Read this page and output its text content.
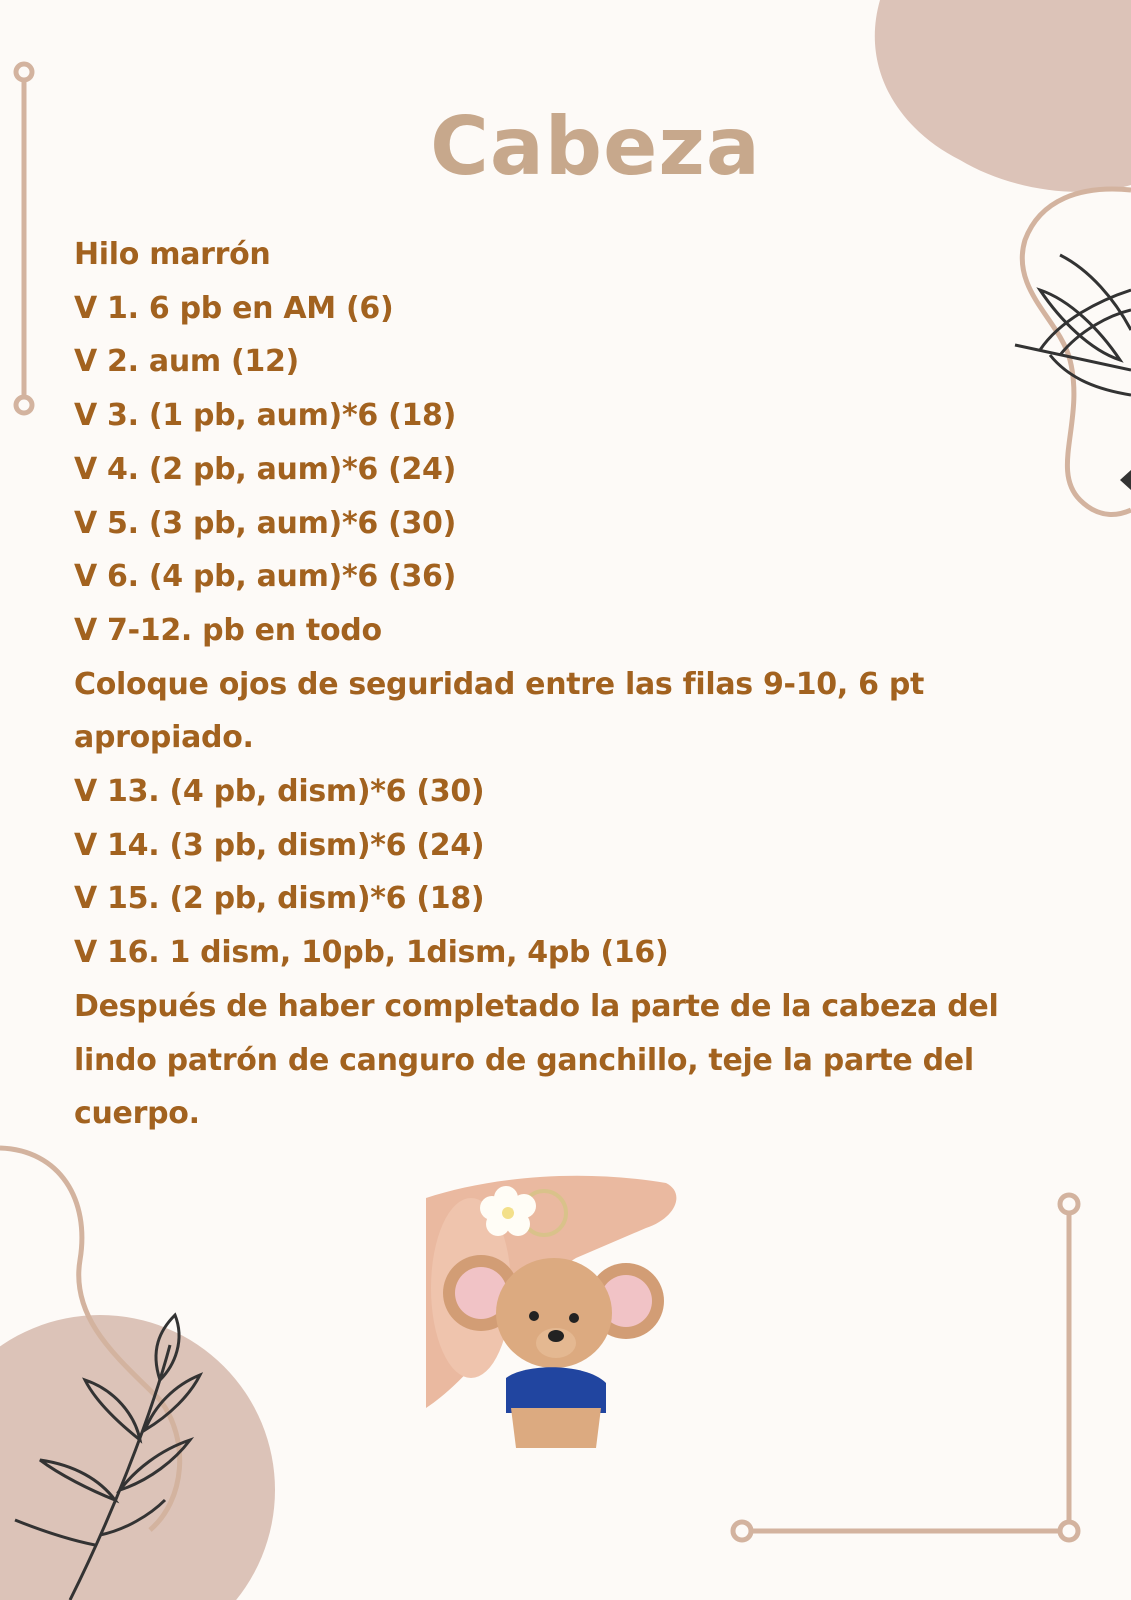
Cabeza
Hilo marrón
V 1. 6 pb en AM (6)
V 2. aum (12)
V 3. (1 pb, aum)*6 (18)
V 4. (2 pb, aum)*6 (24)
V 5. (3 pb, aum)*6 (30)
V 6. (4 pb, aum)*6 (36)
V 7-12. pb en todo
Coloque ojos de seguridad entre las filas 9-10, 6 pt apropiado.
V 13. (4 pb, dism)*6 (30)
V 14. (3 pb, dism)*6 (24)
V 15. (2 pb, dism)*6 (18)
V 16. 1 dism, 10pb, 1dism, 4pb (16)
Después de haber completado la parte de la cabeza del lindo patrón de canguro de ganchillo, teje la parte del cuerpo.
